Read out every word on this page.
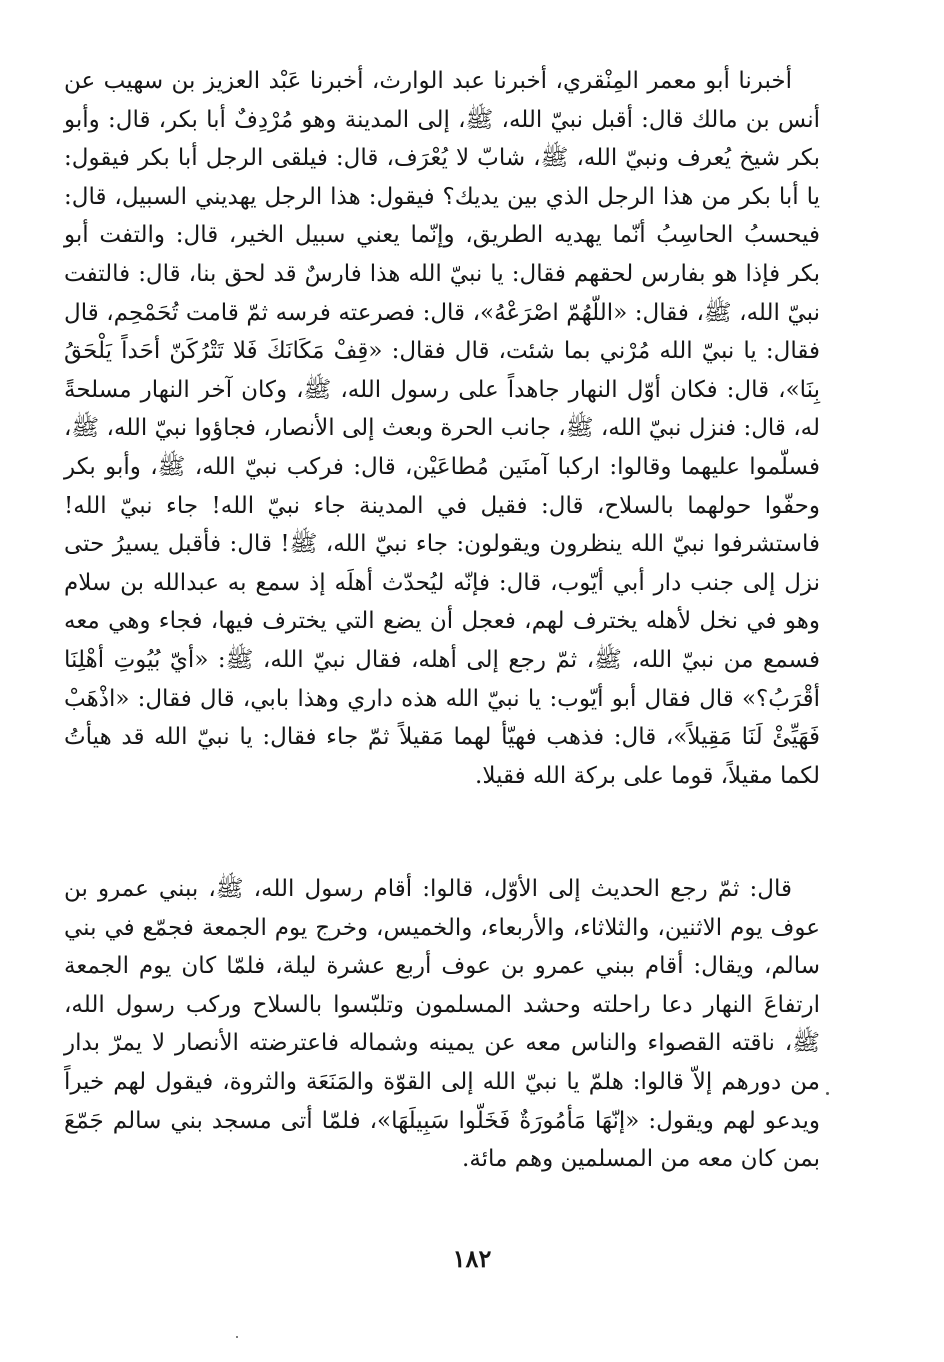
أخبرنا أبو معمر المِنْقري، أخبرنا عبد الوارث، أخبرنا عَبْد العزيز بن سهيب عن أنس بن مالك قال: أقبل نبيّ الله، ﷺ، إلى المدينة وهو مُرْدِفٌ أبا بكر، قال: وأبو بكر شيخ يُعرف ونبيّ الله، ﷺ، شابّ لا يُعْرَف، قال: فيلقى الرجل أبا بكر فيقول: يا أبا بكر من هذا الرجل الذي بين يديك؟ فيقول: هذا الرجل يهديني السبيل، قال: فيحسبُ الحاسِبُ أنّما يهديه الطريق، وإنّما يعني سبيل الخير، قال: والتفت أبو بكر فإذا هو بفارس لحقهم فقال: يا نبيّ الله هذا فارسٌ قد لحق بنا، قال: فالتفت نبيّ الله، ﷺ، فقال: «اللّهُمّ اصْرَعْهُ»، قال: فصرعته فرسه ثمّ قامت تُحَمْحِم، قال فقال: يا نبيّ الله مُرْني بما شئت، قال فقال: «قِفْ مَكَانَكَ فَلا تَتْرُكَنّ أحَداً يَلْحَقُ بِنَا»، قال: فكان أوّل النهار جاهداً على رسول الله، ﷺ، وكان آخر النهار مسلحةً له، قال: فنزل نبيّ الله، ﷺ، جانب الحرة وبعث إلى الأنصار، فجاؤوا نبيّ الله، ﷺ، فسلّموا عليهما وقالوا: اركبا آمنَين مُطاعَيْن، قال: فركب نبيّ الله، ﷺ، وأبو بكر وحفّوا حولهما بالسلاح، قال: فقيل في المدينة جاء نبيّ الله! جاء نبيّ الله! فاستشرفوا نبيّ الله ينظرون ويقولون: جاء نبيّ الله، ﷺ! قال: فأقبل يسيرُ حتى نزل إلى جنب دار أبي أيّوب، قال: فإنّه ليُحدّث أهلَه إذ سمع به عبدالله بن سلام وهو في نخل لأهله يخترف لهم، فعجل أن يضع التي يخترف فيها، فجاء وهي معه فسمع من نبيّ الله، ﷺ، ثمّ رجع إلى أهله، فقال نبيّ الله، ﷺ: «أيّ بُيُوتِ أهْلِنَا أقْرَبُ؟» قال فقال أبو أيّوب: يا نبيّ الله هذه داري وهذا بابي، قال فقال: «اذْهَبْ فَهَيِّئْ لَنَا مَقِيلاً»، قال: فذهب فهيّأ لهما مَقيلاً ثمّ جاء فقال: يا نبيّ الله قد هيأتُ لكما مقيلاً، قوما على بركة الله فقيلا.

قال: ثمّ رجع الحديث إلى الأوّل، قالوا: أقام رسول الله، ﷺ، ببني عمرو بن عوف يوم الاثنين، والثلاثاء، والأربعاء، والخميس، وخرج يوم الجمعة فجمّع في بني سالم، ويقال: أقام ببني عمرو بن عوف أربع عشرة ليلة، فلمّا كان يوم الجمعة ارتفاعَ النهار دعا راحلته وحشد المسلمون وتلبّسوا بالسلاح وركب رسول الله، ﷺ، ناقته القصواء والناس معه عن يمينه وشماله فاعترضته الأنصار لا يمرّ بدار من دورهم إلاّ قالوا: هلمّ يا نبيّ الله إلى القوّة والمَنَعَة والثروة، فيقول لهم خيراً ويدعو لهم ويقول: «إنّهَا مَأمُورَةٌ فَخَلّوا سَبِيلَهَا»، فلمّا أتى مسجد بني سالم جَمّعَ بمن كان معه من المسلمين وهم مائة.

١٨٢
